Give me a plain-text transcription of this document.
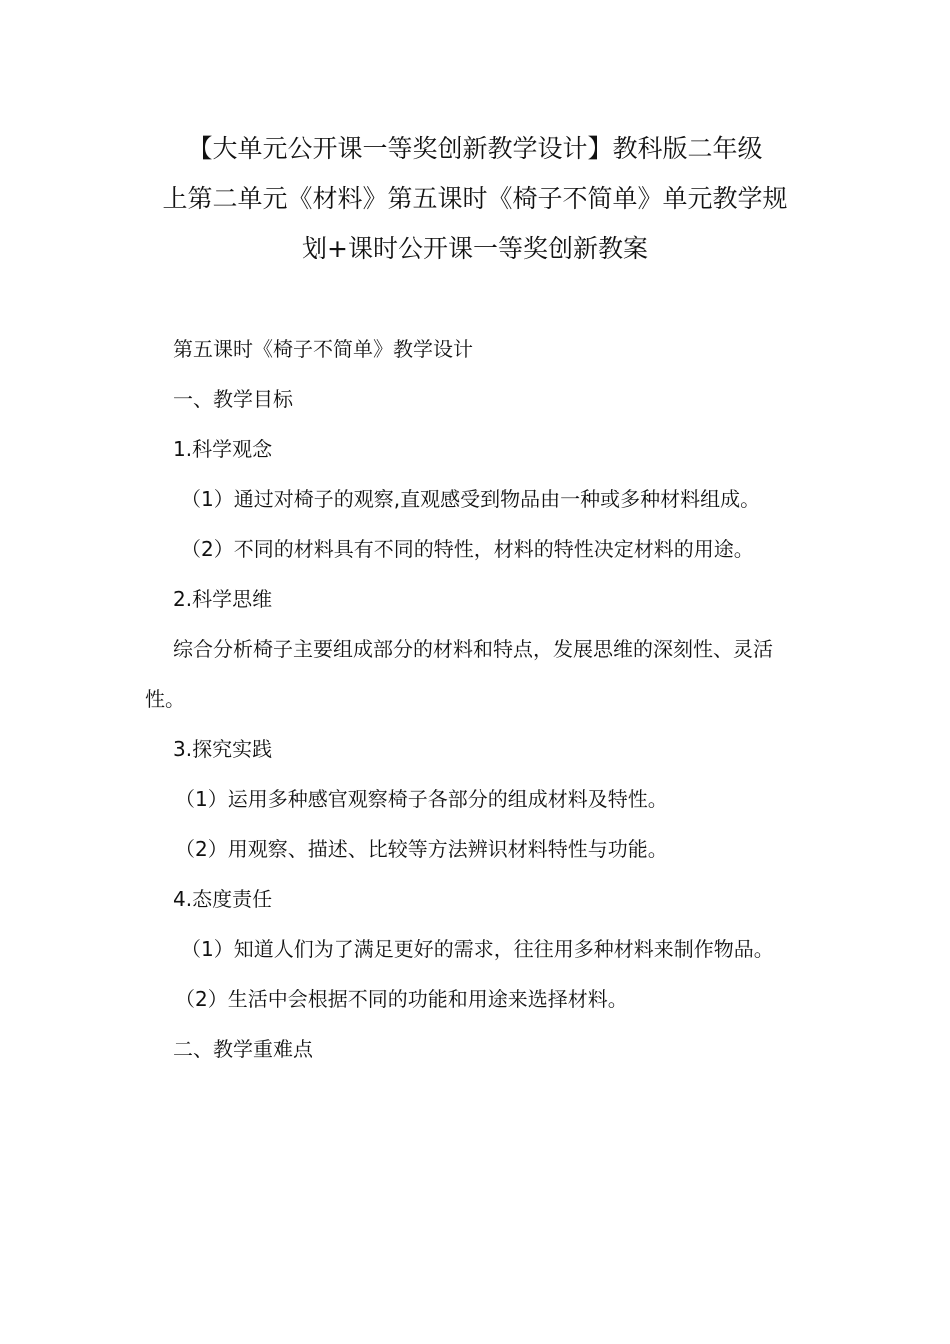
【大单元公开课一等奖创新教学设计】教科版二年级
上第二单元《材料》第五课时《椅子不简单》单元教学规
划+课时公开课一等奖创新教案

第五课时《椅子不简单》教学设计

一、教学目标

1.科学观念

（1）通过对椅子的观察,直观感受到物品由一种或多种材料组成。

（2）不同的材料具有不同的特性，材料的特性决定材料的用途。

2.科学思维

综合分析椅子主要组成部分的材料和特点，发展思维的深刻性、灵活性。

3.探究实践

（1）运用多种感官观察椅子各部分的组成材料及特性。

（2）用观察、描述、比较等方法辨识材料特性与功能。

4.态度责任

（1）知道人们为了满足更好的需求，往往用多种材料来制作物品。

（2）生活中会根据不同的功能和用途来选择材料。

二、教学重难点
